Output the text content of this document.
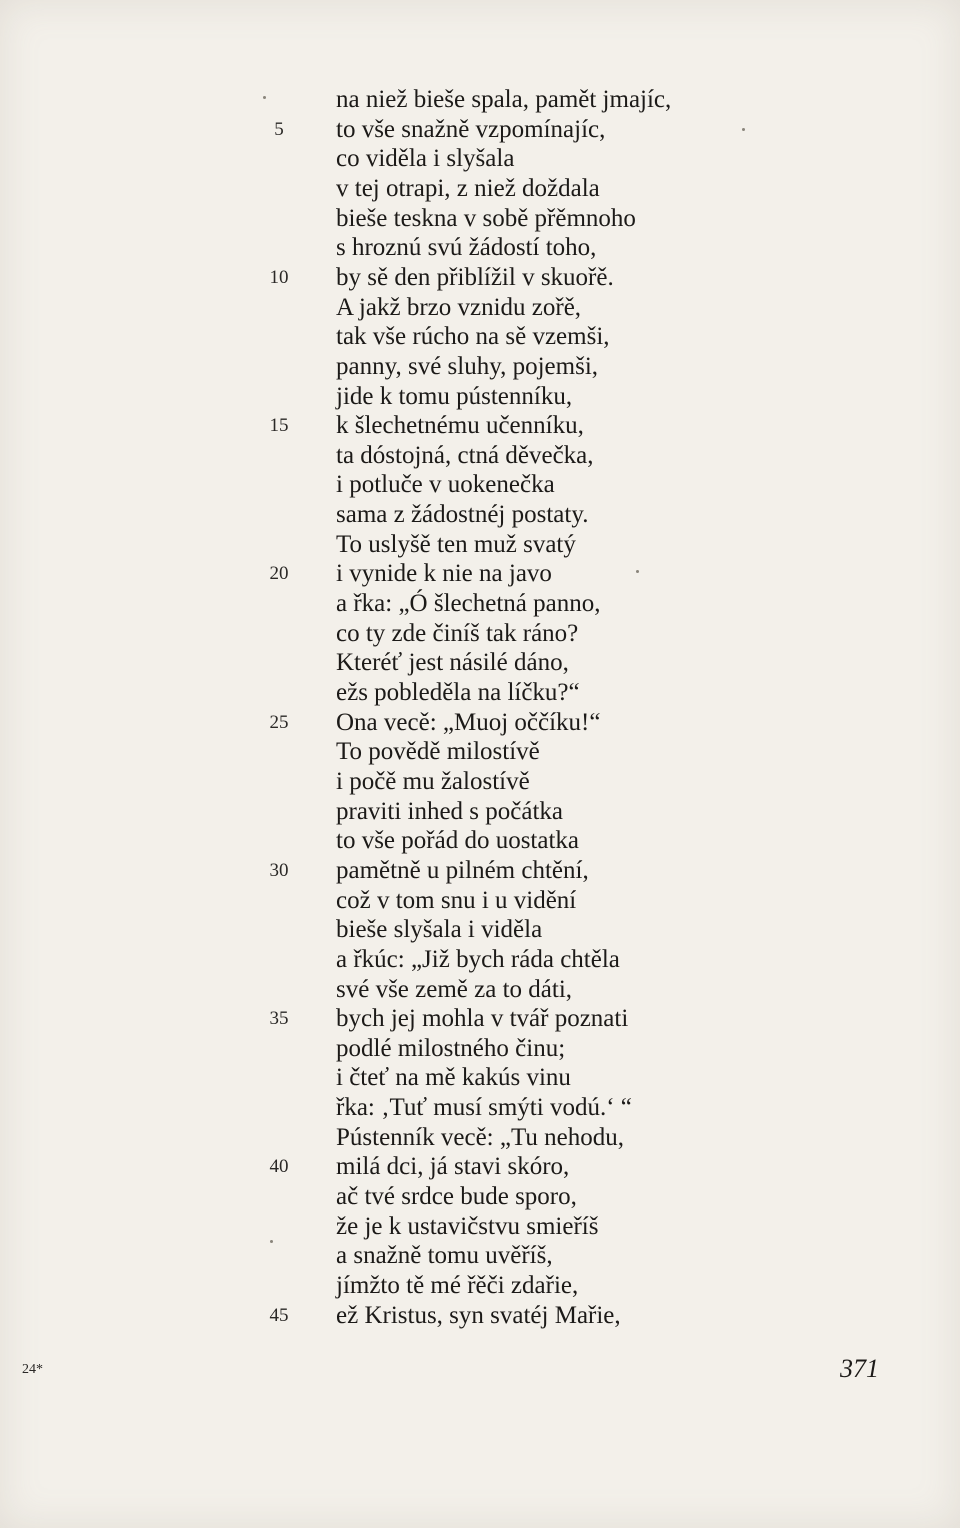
na niež bieše spala, pamět jmajíc,
5	to vše snažně vzpomínajíc,
co viděla i slyšala
v tej otrapi, z niež doždala
bieše teskna v sobě přěmnoho
s hroznú svú žádostí toho,
10	by sě den přiblížil v skuořě.
A jakž brzo vznidu zořě,
tak vše rúcho na sě vzemši,
panny, své sluhy, pojemši,
jide k tomu pústenníku,
15	k šlechetnému učenníku,
ta dóstojná, ctná děvečka,
i potluče v uokenečka
sama z žádostnéj postaty.
To uslyšě ten muž svatý
20	i vynide k nie na javo
a řka: „Ó šlechetná panno,
co ty zde činíš tak ráno?
Kteréť jest násilé dáno,
ežs pobleděla na líčku?“
25	Ona vecě: „Muoj oččíku!“
To povědě milostívě
i počě mu žalostívě
praviti inhed s počátka
to vše pořád do uostatka
30	pamětně u pilném chtění,
což v tom snu i u vidění
bieše slyšala i viděla
a řkúc: „Již bych ráda chtěla
své vše země za to dáti,
35	bych jej mohla v tvář poznati
podlé milostného činu;
i čteť na mě kakús vinu
řka: ‚Tuť musí smýti vodú.‘ “
Pústenník vecě: „Tu nehodu,
40	milá dci, já stavi skóro,
ač tvé srdce bude sporo,
že je k ustavičstvu smieříš
a snažně tomu uvěříš,
jímžto tě mé řěči zdařie,
45	ež Kristus, syn svatéj Mařie,
24*	371
